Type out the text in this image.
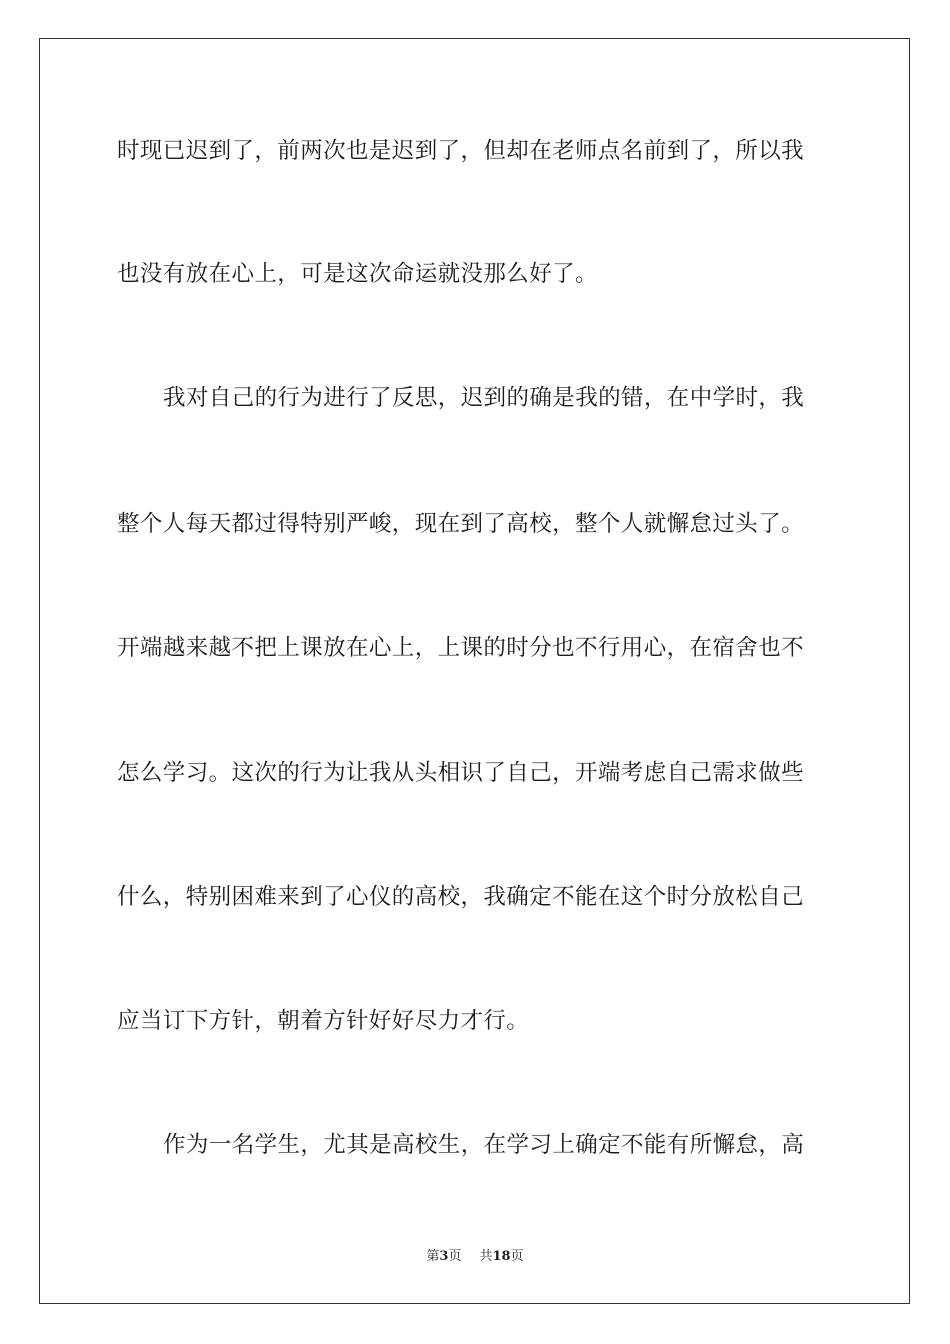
时现已迟到了，前两次也是迟到了，但却在老师点名前到了，所以我
也没有放在心上，可是这次命运就没那么好了。
我对自己的行为进行了反思，迟到的确是我的错，在中学时，我
整个人每天都过得特别严峻，现在到了高校，整个人就懈怠过头了。
开端越来越不把上课放在心上，上课的时分也不行用心，在宿舍也不
怎么学习。这次的行为让我从头相识了自己，开端考虑自己需求做些
什么，特别困难来到了心仪的高校，我确定不能在这个时分放松自己
应当订下方针，朝着方针好好尽力才行。
作为一名学生，尤其是高校生，在学习上确定不能有所懈怠，高
第3页 共18页
